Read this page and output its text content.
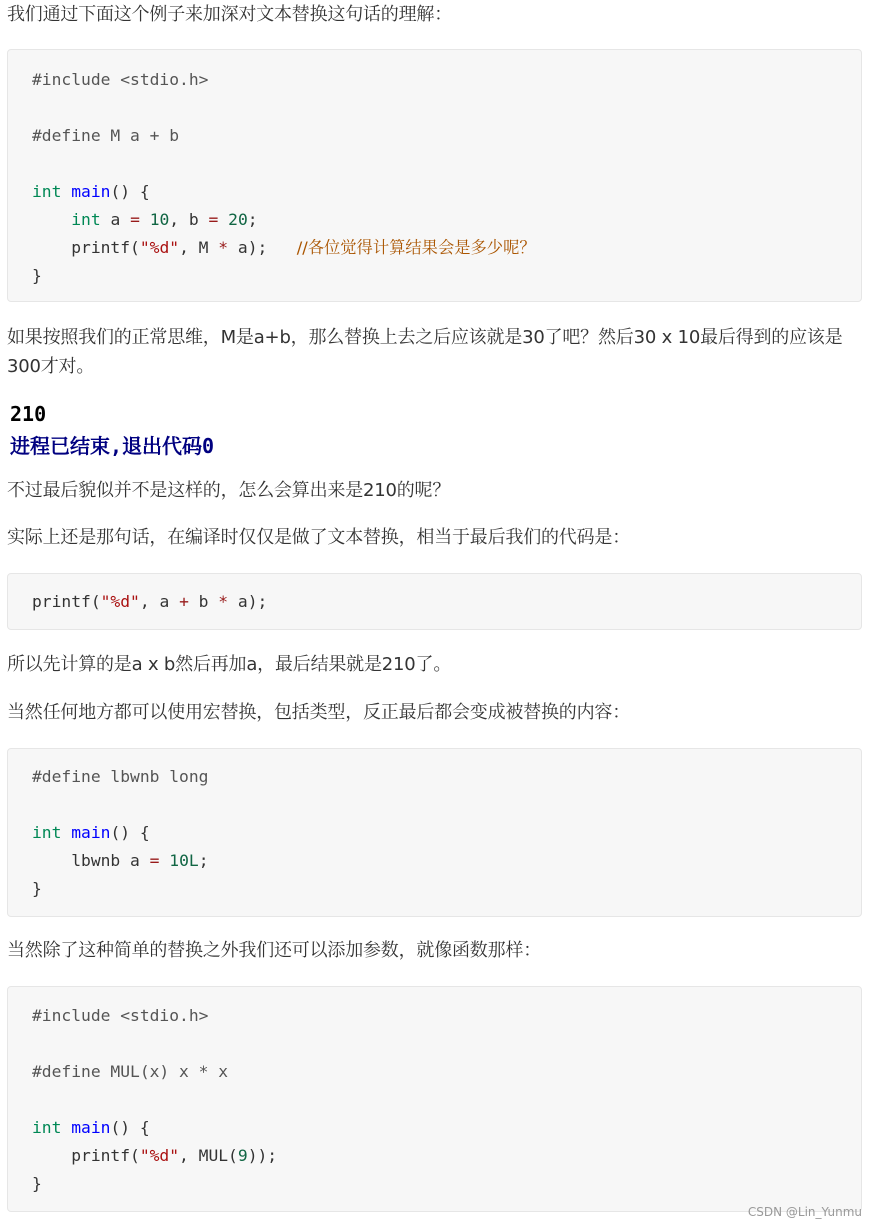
我们通过下面这个例子来加深对文本替换这句话的理解：

#include <stdio.h>

#define M a + b

int main() {
int a = 10, b = 20;
printf("%d", M * a);   //各位觉得计算结果会是多少呢？
}

如果按照我们的正常思维，M是a+b，那么替换上去之后应该就是30了吧？然后30 x 10最后得到的应该是300才对。

210
进程已结束,退出代码0

不过最后貌似并不是这样的，怎么会算出来是210的呢？

实际上还是那句话，在编译时仅仅是做了文本替换，相当于最后我们的代码是：

printf("%d", a + b * a);

所以先计算的是a x b然后再加a，最后结果就是210了。

当然任何地方都可以使用宏替换，包括类型，反正最后都会变成被替换的内容：

#define lbwnb long

int main() {
lbwnb a = 10L;
}

当然除了这种简单的替换之外我们还可以添加参数，就像函数那样：

#include <stdio.h>

#define MUL(x) x * x

int main() {
printf("%d", MUL(9));
}
CSDN @Lin_Yunmu
